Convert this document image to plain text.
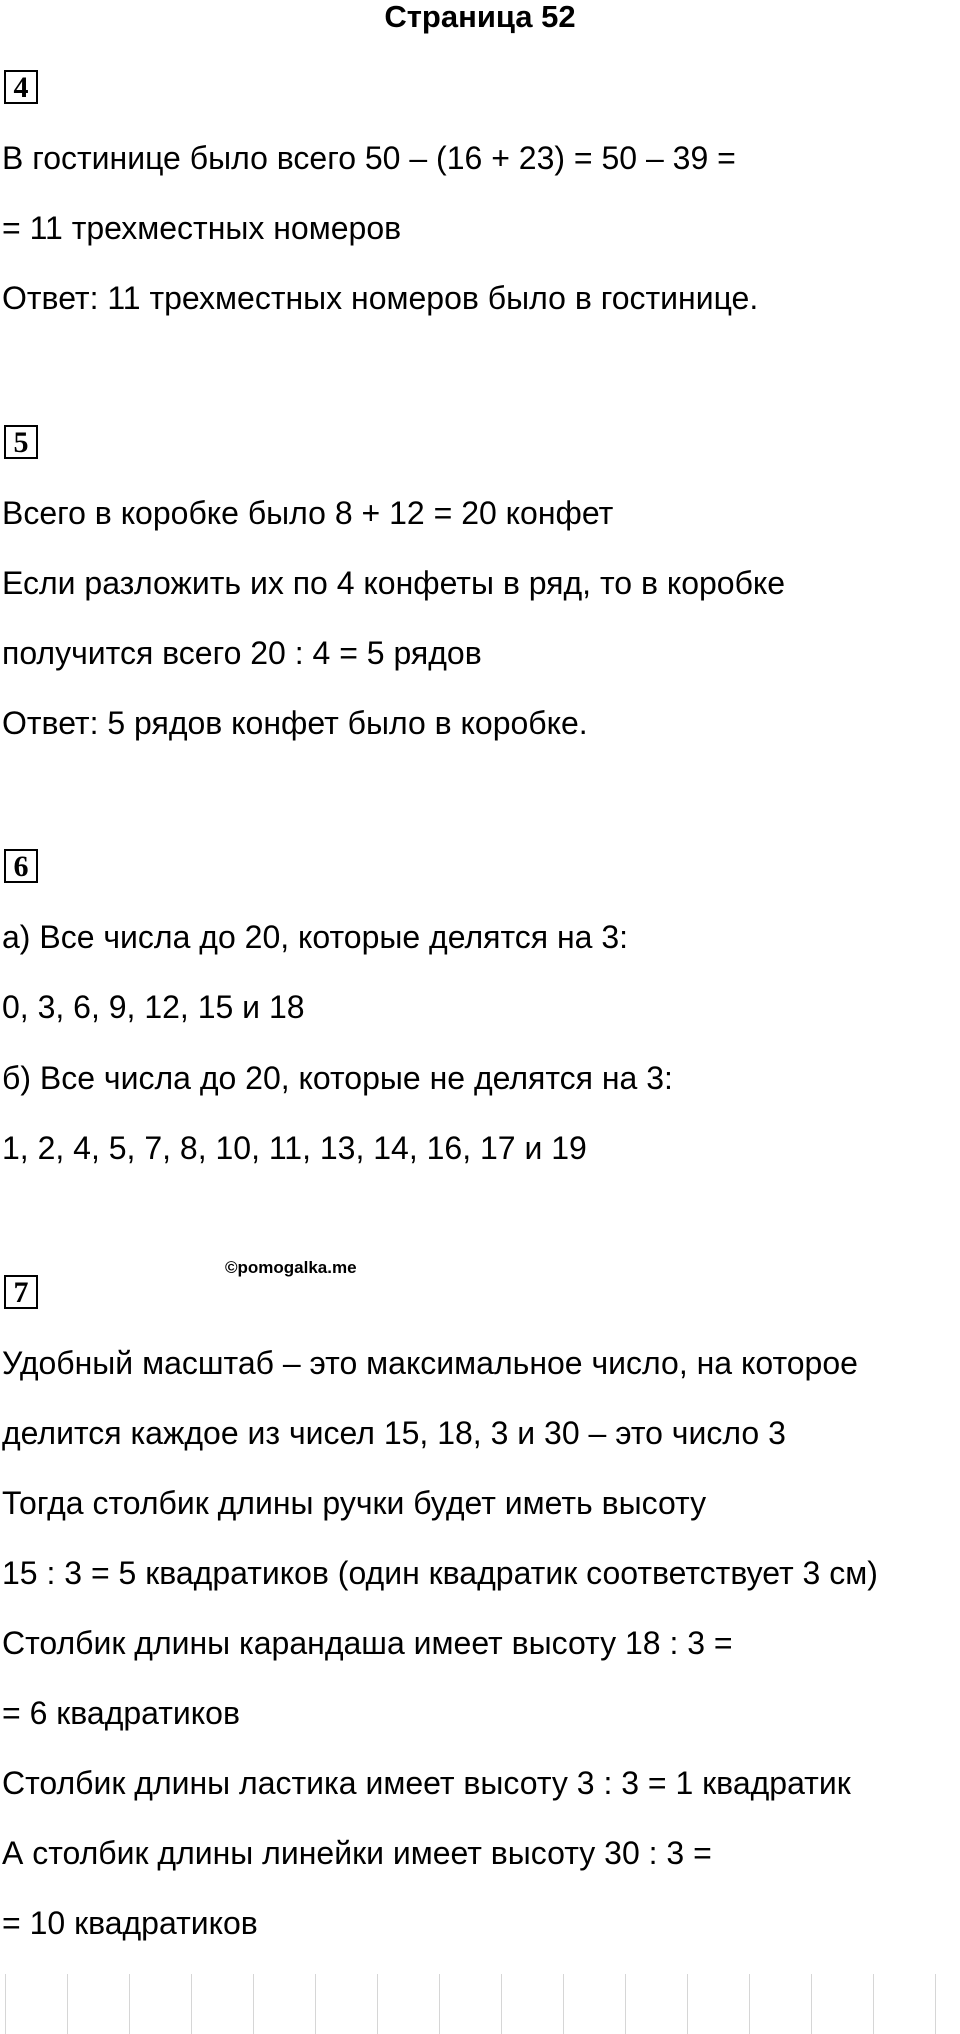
Страница 52
4
В гостинице было всего 50 – (16 + 23) = 50 – 39 =
= 11 трехместных номеров
Ответ: 11 трехместных номеров было в гостинице.
5
Всего в коробке было 8 + 12 = 20 конфет
Если разложить их по 4 конфеты в ряд, то в коробке
получится всего 20 : 4 = 5 рядов
Ответ: 5 рядов конфет было в коробке.
6
а) Все числа до 20, которые делятся на 3:
0, 3, 6, 9, 12, 15 и 18
б) Все числа до 20, которые не делятся на 3:
1, 2, 4, 5, 7, 8, 10, 11, 13, 14, 16, 17 и 19
7
©pomogalka.me
Удобный масштаб – это максимальное число, на которое
делится каждое из чисел 15, 18, 3 и 30 – это число 3
Тогда столбик длины ручки будет иметь высоту
15 : 3 = 5 квадратиков (один квадратик соответствует 3 см)
Столбик длины карандаша имеет высоту 18 : 3 =
= 6 квадратиков
Столбик длины ластика имеет высоту 3 : 3 = 1 квадратик
А столбик длины линейки имеет высоту 30 : 3 =
= 10 квадратиков
